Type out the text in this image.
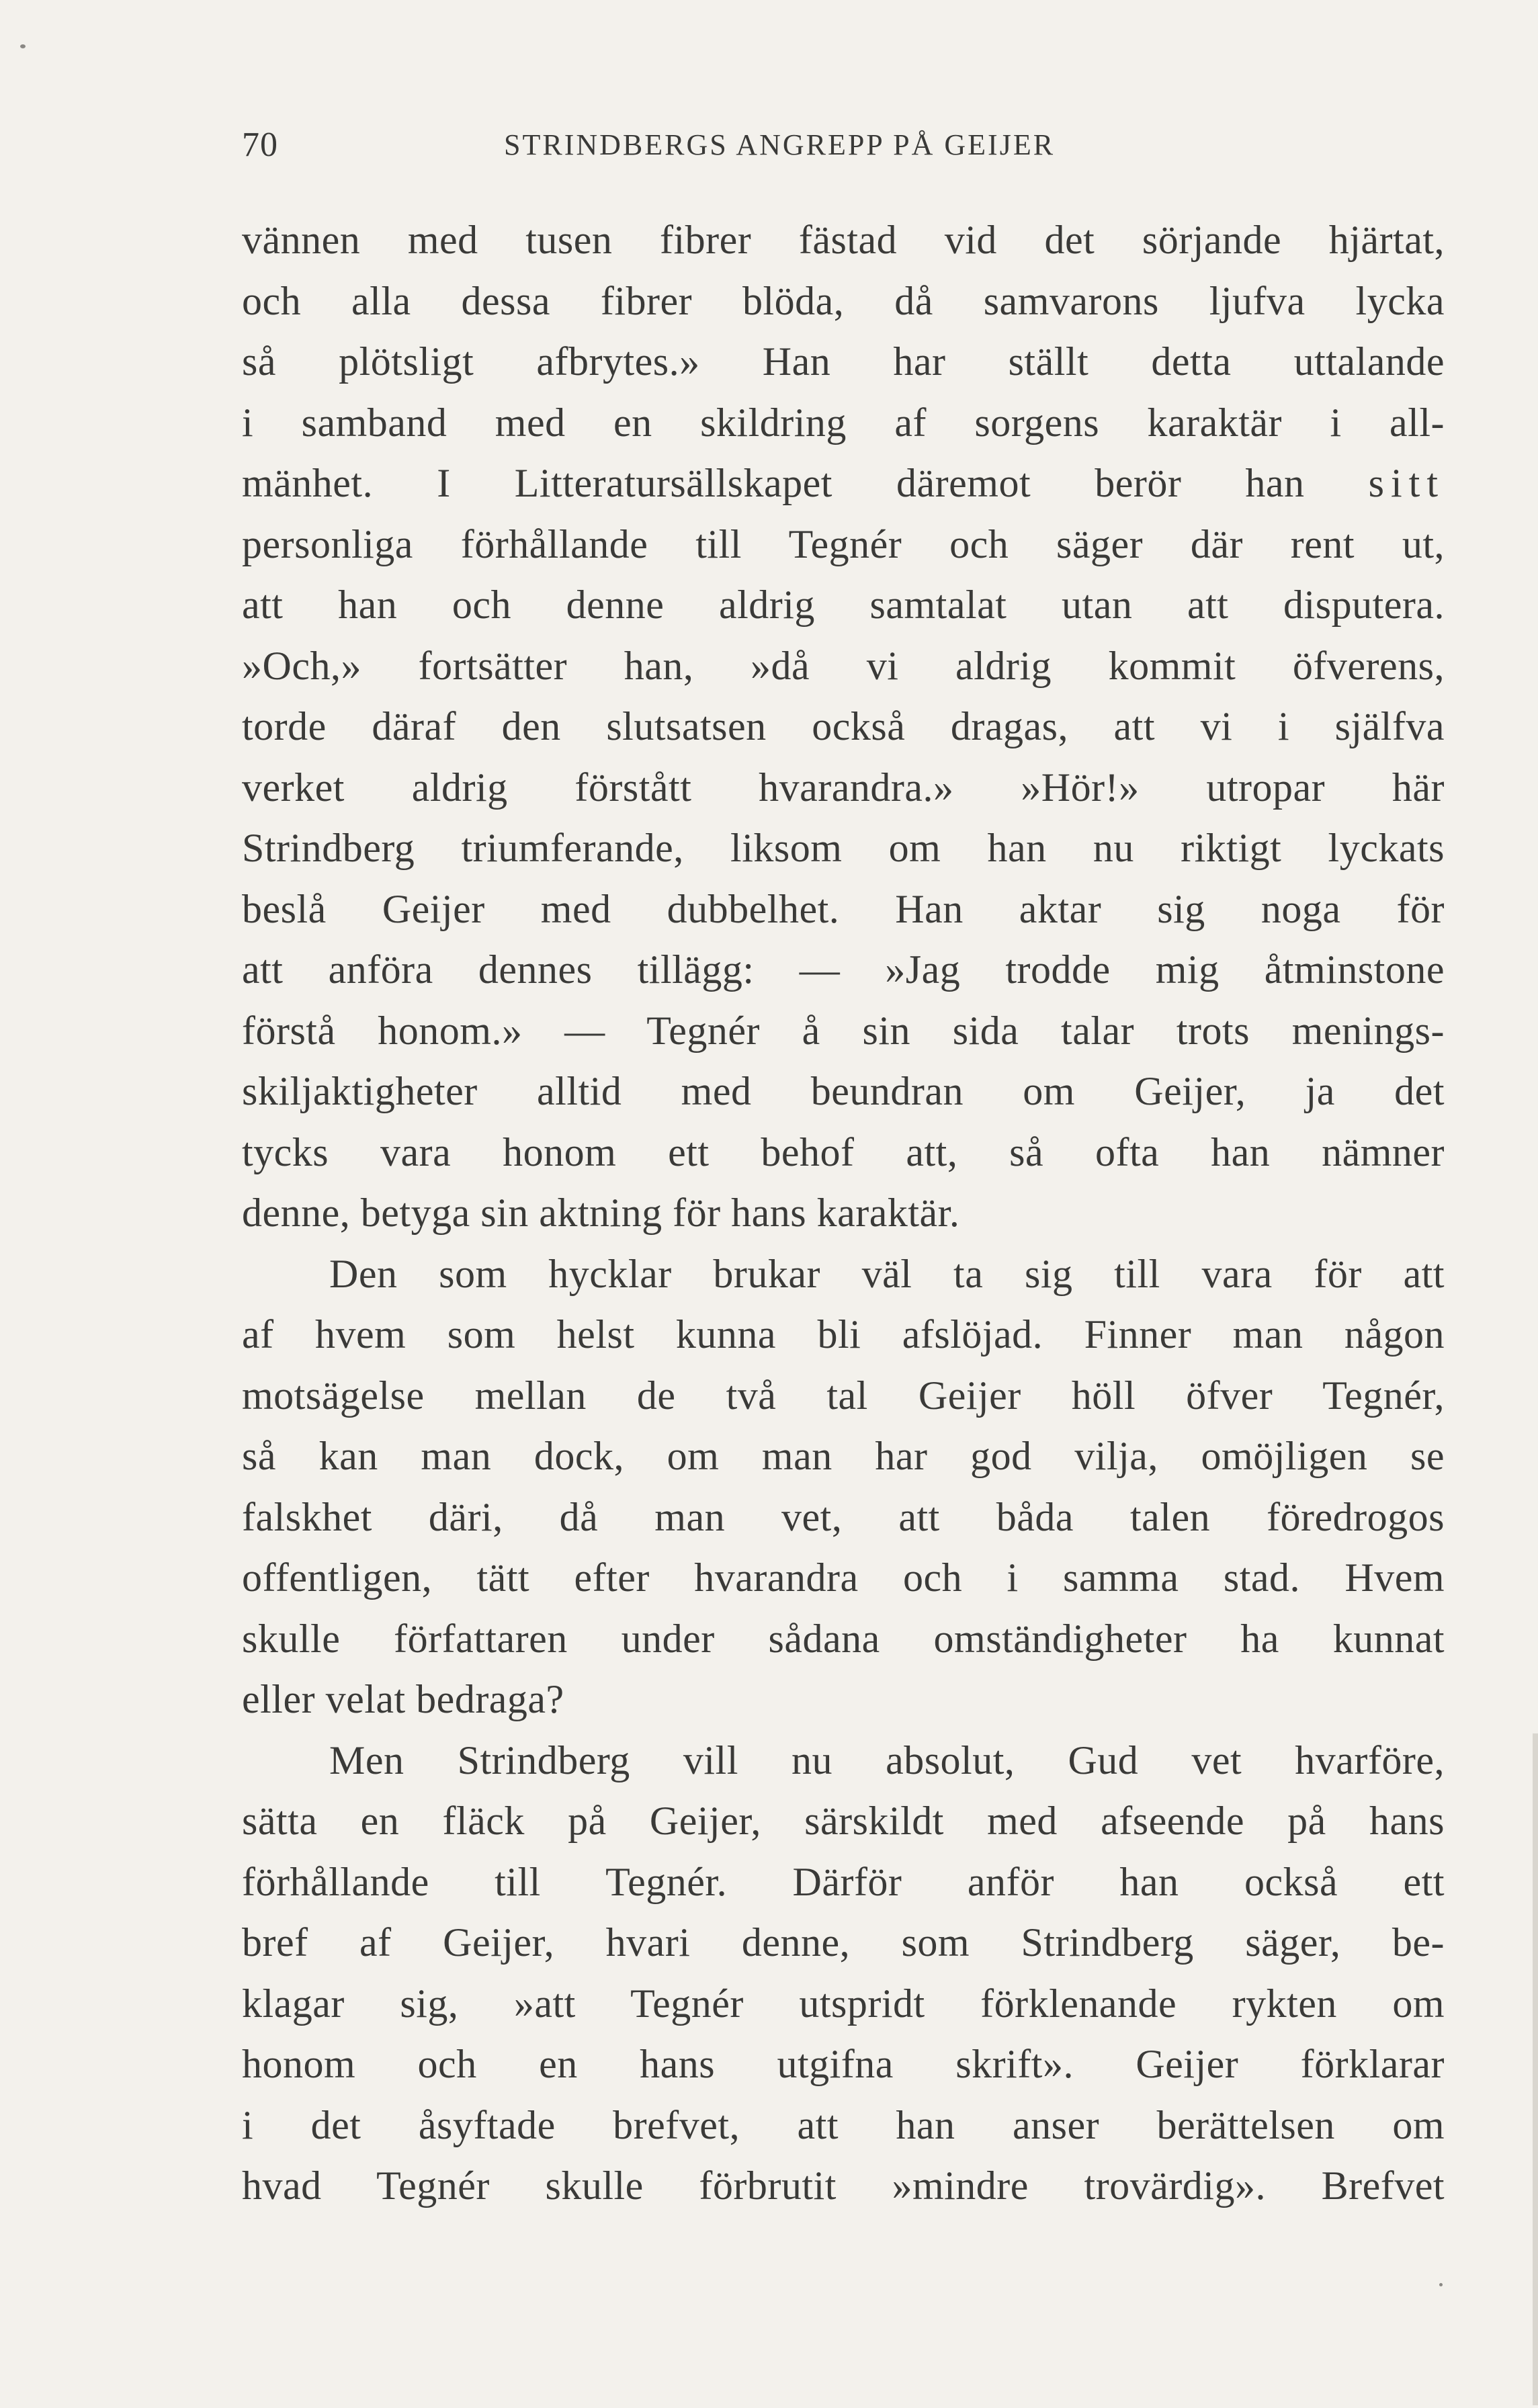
70	STRINDBERGS ANGREPP PÅ GEIJER
vännen med tusen fibrer fästad vid det sörjande hjärtat,
och alla dessa fibrer blöda, då samvarons ljufva lycka
så plötsligt afbrytes.» Han har ställt detta uttalande
i samband med en skildring af sorgens karaktär i all-
mänhet. I Litteratursällskapet däremot berör han sitt
personliga förhållande till Tegnér och säger där rent ut,
att han och denne aldrig samtalat utan att disputera.
»Och,» fortsätter han, »då vi aldrig kommit öfverens,
torde däraf den slutsatsen också dragas, att vi i själfva
verket aldrig förstått hvarandra.» »Hör!» utropar här
Strindberg triumferande, liksom om han nu riktigt lyckats
beslå Geijer med dubbelhet. Han aktar sig noga för
att anföra dennes tillägg: — »Jag trodde mig åtminstone
förstå honom.» — Tegnér å sin sida talar trots menings-
skiljaktigheter alltid med beundran om Geijer, ja det
tycks vara honom ett behof att, så ofta han nämner
denne, betyga sin aktning för hans karaktär.
Den som hycklar brukar väl ta sig till vara för att
af hvem som helst kunna bli afslöjad. Finner man någon
motsägelse mellan de två tal Geijer höll öfver Tegnér,
så kan man dock, om man har god vilja, omöjligen se
falskhet däri, då man vet, att båda talen föredrogos
offentligen, tätt efter hvarandra och i samma stad. Hvem
skulle författaren under sådana omständigheter ha kunnat
eller velat bedraga?
Men Strindberg vill nu absolut, Gud vet hvarföre,
sätta en fläck på Geijer, särskildt med afseende på hans
förhållande till Tegnér. Därför anför han också ett
bref af Geijer, hvari denne, som Strindberg säger, be-
klagar sig, »att Tegnér utspridt förklenande rykten om
honom och en hans utgifna skrift». Geijer förklarar
i det åsyftade brefvet, att han anser berättelsen om
hvad Tegnér skulle förbrutit »mindre trovärdig». Brefvet
